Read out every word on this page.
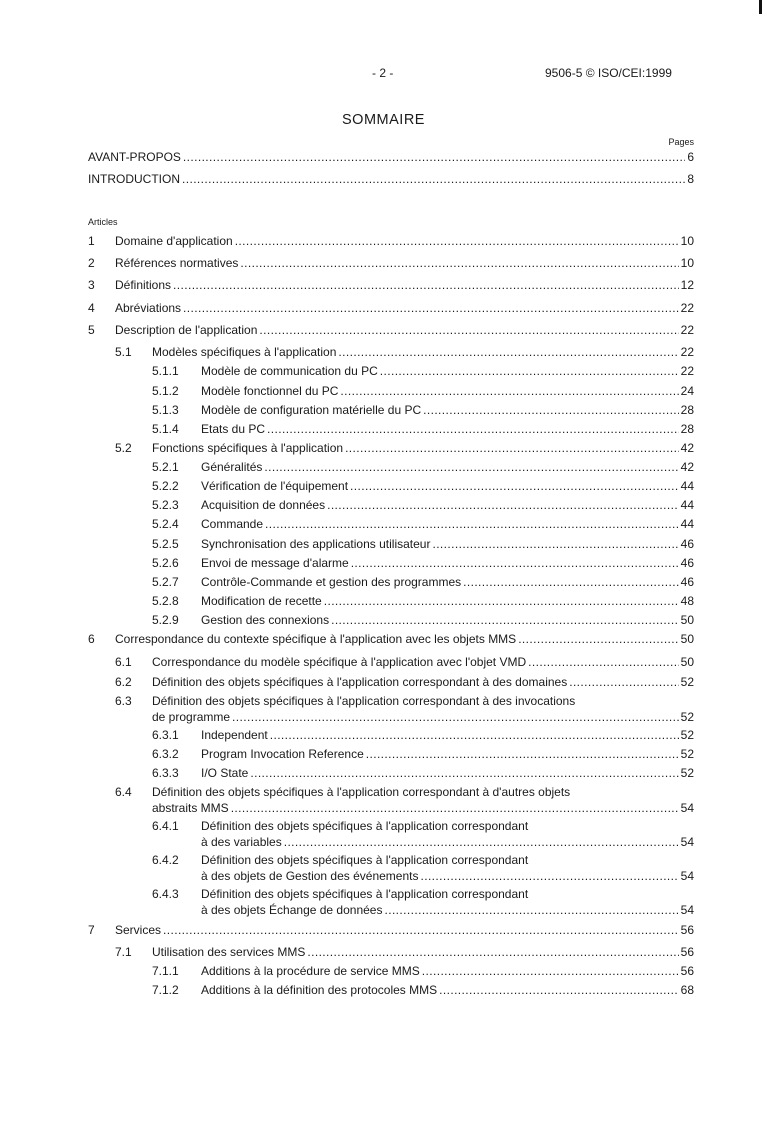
- 2 -	9506-5 © ISO/CEI:1999
SOMMAIRE
Pages
AVANT-PROPOS .....	6
INTRODUCTION .....	8
Articles
1 Domaine d'application .....	10
2 Références normatives .....	10
3 Définitions .....	12
4 Abréviations .....	22
5 Description de l'application .....	22
5.1 Modèles spécifiques à l'application .....	22
5.1.1 Modèle de communication du PC .....	22
5.1.2 Modèle fonctionnel du PC .....	24
5.1.3 Modèle de configuration matérielle du PC .....	28
5.1.4 Etats du PC .....	28
5.2 Fonctions spécifiques à l'application .....	42
5.2.1 Généralités .....	42
5.2.2 Vérification de l'équipement .....	44
5.2.3 Acquisition de données .....	44
5.2.4 Commande .....	44
5.2.5 Synchronisation des applications utilisateur .....	46
5.2.6 Envoi de message d'alarme .....	46
5.2.7 Contrôle-Commande et gestion des programmes .....	46
5.2.8 Modification de recette .....	48
5.2.9 Gestion des connexions .....	50
6 Correspondance du contexte spécifique à l'application avec les objets MMS .....	50
6.1 Correspondance du modèle spécifique à l'application avec l'objet VMD .....	50
6.2 Définition des objets spécifiques à l'application correspondant à des domaines .....	52
6.3 Définition des objets spécifiques à l'application correspondant à des invocations
de programme .....	52
6.3.1 Independent .....	52
6.3.2 Program Invocation Reference .....	52
6.3.3 I/O State .....	52
6.4 Définition des objets spécifiques à l'application correspondant à d'autres objets
abstraits MMS .....	54
6.4.1 Définition des objets spécifiques à l'application correspondant
à des variables .....	54
6.4.2 Définition des objets spécifiques à l'application correspondant
à des objets de Gestion des événements .....	54
6.4.3 Définition des objets spécifiques à l'application correspondant
à des objets Échange de données .....	54
7 Services .....	56
7.1 Utilisation des services MMS .....	56
7.1.1 Additions à la procédure de service MMS .....	56
7.1.2 Additions à la définition des protocoles MMS .....	68
